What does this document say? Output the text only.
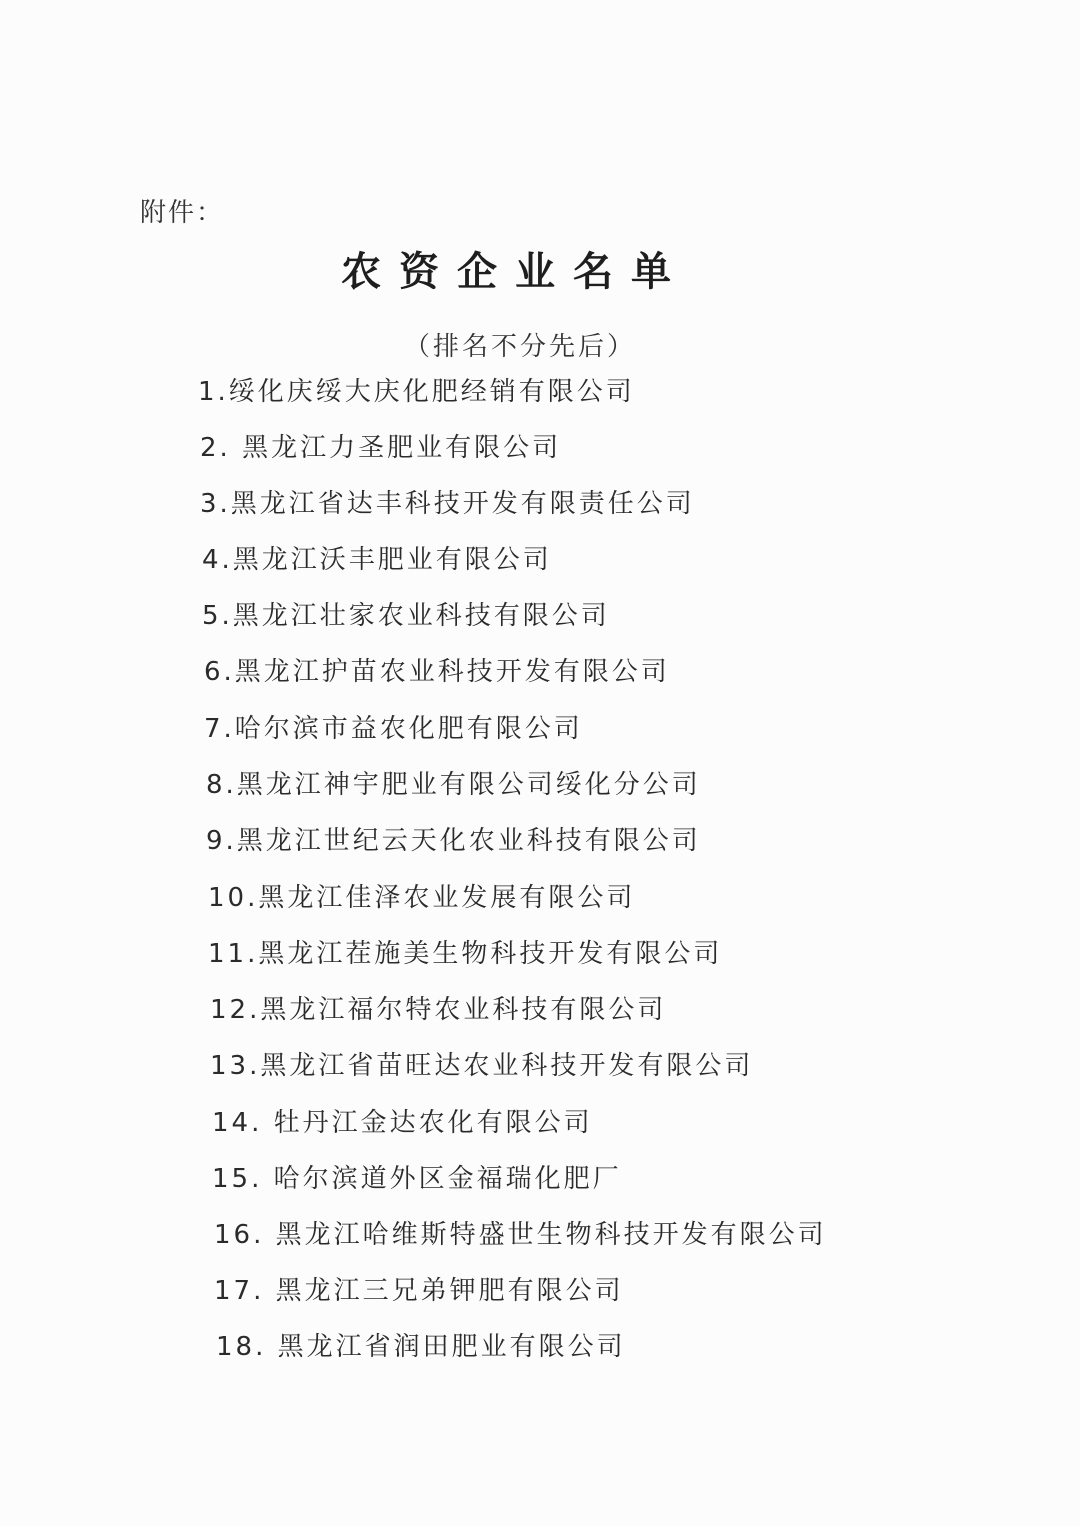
附件：
农资企业名单
（排名不分先后）
1.绥化庆绥大庆化肥经销有限公司
2. 黑龙江力圣肥业有限公司
3.黑龙江省达丰科技开发有限责任公司
4.黑龙江沃丰肥业有限公司
5.黑龙江壮家农业科技有限公司
6.黑龙江护苗农业科技开发有限公司
7.哈尔滨市益农化肥有限公司
8.黑龙江神宇肥业有限公司绥化分公司
9.黑龙江世纪云天化农业科技有限公司
10.黑龙江佳泽农业发展有限公司
11.黑龙江茬施美生物科技开发有限公司
12.黑龙江福尔特农业科技有限公司
13.黑龙江省苗旺达农业科技开发有限公司
14. 牡丹江金达农化有限公司
15. 哈尔滨道外区金福瑞化肥厂
16. 黑龙江哈维斯特盛世生物科技开发有限公司
17. 黑龙江三兄弟钾肥有限公司
18. 黑龙江省润田肥业有限公司
